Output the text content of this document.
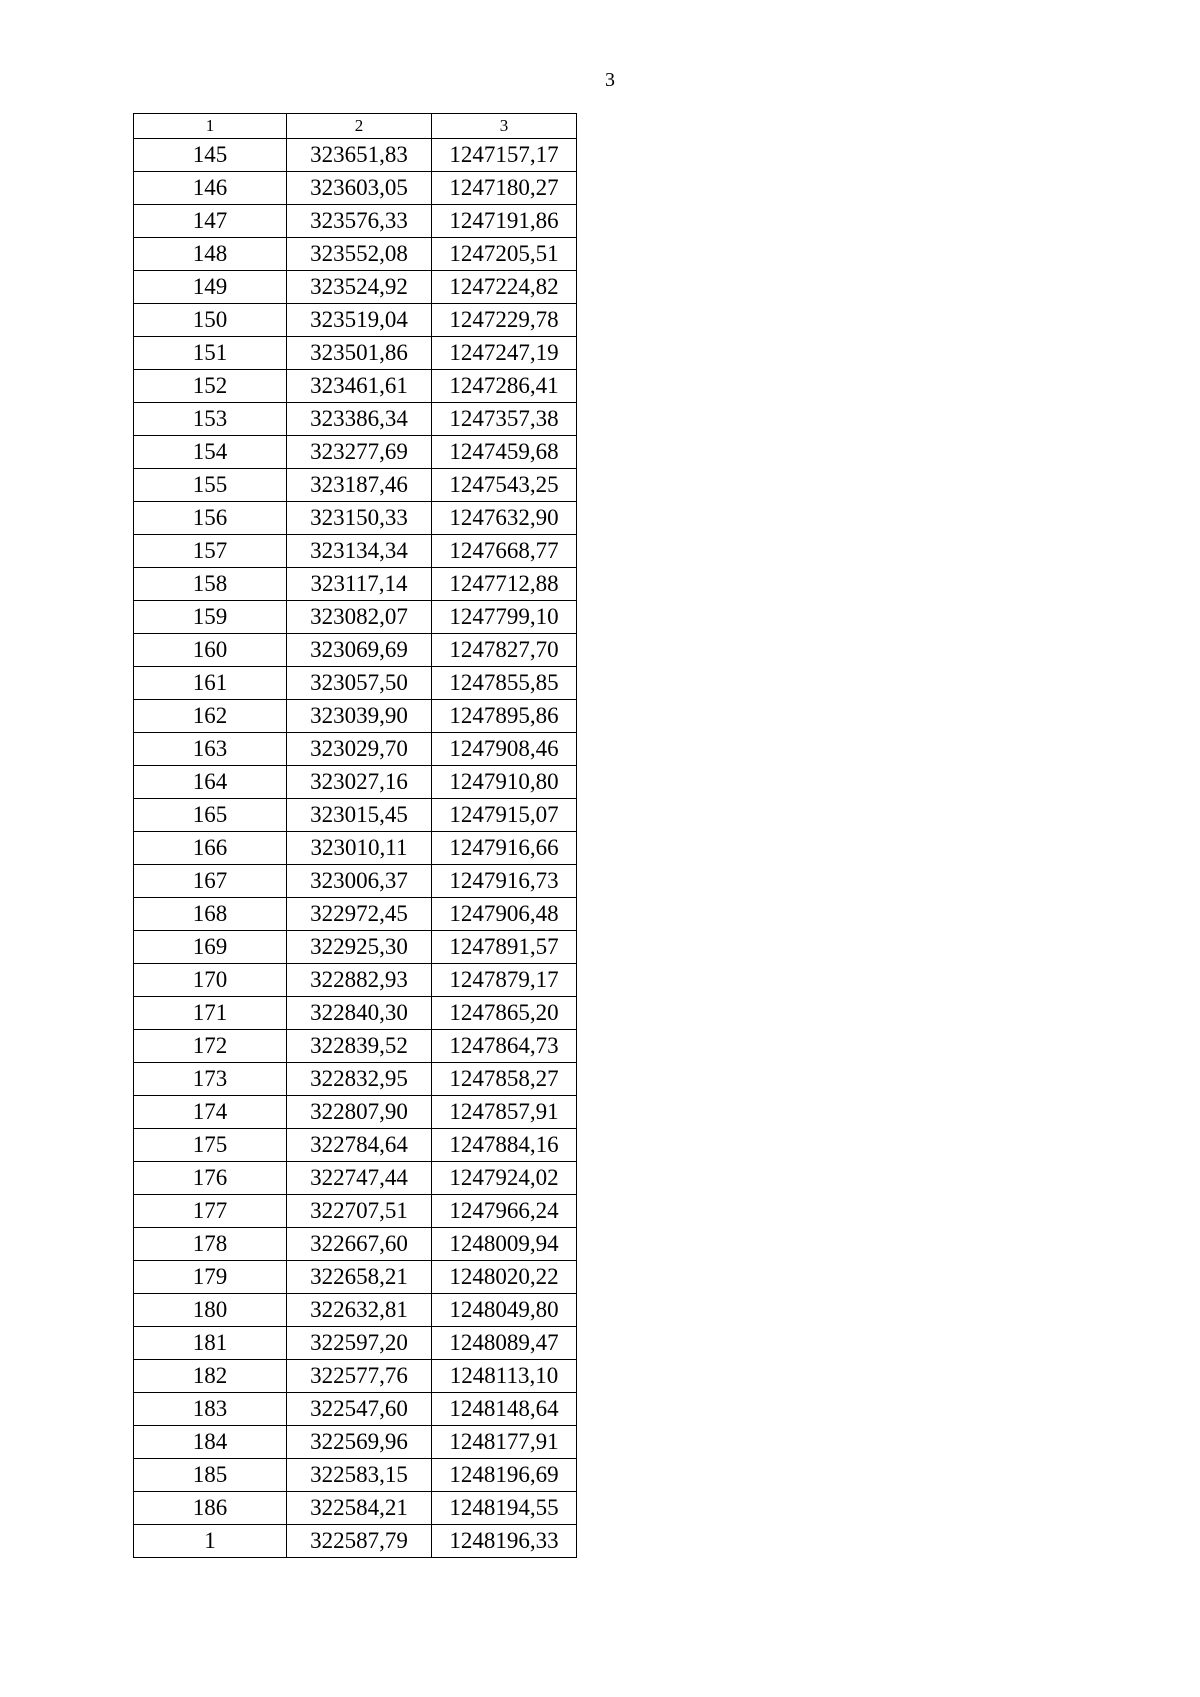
3
1	2	3
145	323651,83	1247157,17
146	323603,05	1247180,27
147	323576,33	1247191,86
148	323552,08	1247205,51
149	323524,92	1247224,82
150	323519,04	1247229,78
151	323501,86	1247247,19
152	323461,61	1247286,41
153	323386,34	1247357,38
154	323277,69	1247459,68
155	323187,46	1247543,25
156	323150,33	1247632,90
157	323134,34	1247668,77
158	323117,14	1247712,88
159	323082,07	1247799,10
160	323069,69	1247827,70
161	323057,50	1247855,85
162	323039,90	1247895,86
163	323029,70	1247908,46
164	323027,16	1247910,80
165	323015,45	1247915,07
166	323010,11	1247916,66
167	323006,37	1247916,73
168	322972,45	1247906,48
169	322925,30	1247891,57
170	322882,93	1247879,17
171	322840,30	1247865,20
172	322839,52	1247864,73
173	322832,95	1247858,27
174	322807,90	1247857,91
175	322784,64	1247884,16
176	322747,44	1247924,02
177	322707,51	1247966,24
178	322667,60	1248009,94
179	322658,21	1248020,22
180	322632,81	1248049,80
181	322597,20	1248089,47
182	322577,76	1248113,10
183	322547,60	1248148,64
184	322569,96	1248177,91
185	322583,15	1248196,69
186	322584,21	1248194,55
1	322587,79	1248196,33
